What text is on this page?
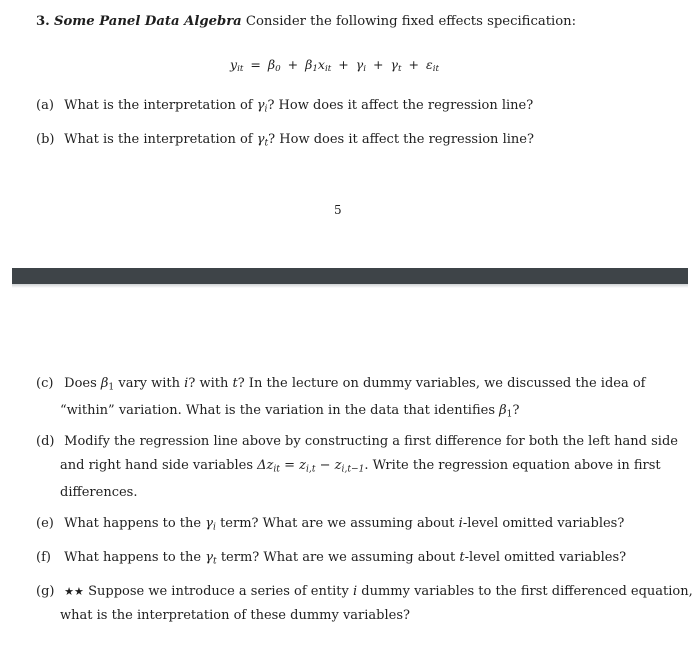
3. Some Panel Data Algebra Consider the following fixed effects specification:
$y_{it} = \beta_0 + \beta_1x_{it} + \gamma_i + \gamma_t + \varepsilon_{it}$
(a) What is the interpretation of $\gamma_i$? How does it affect the regression line?
(b) What is the interpretation of $\gamma_t$? How does it affect the regression line?
5
(c) Does $\beta_1$ vary with i? with t? In the lecture on dummy variables, we discussed the idea of
“within” variation. What is the variation in the data that identifies $\beta_1$?
(d) Modify the regression line above by constructing a first difference for both the left hand side
and right hand side variables $\Delta z_{it} = z_{i,t} - z_{i,t-1}$. Write the regression equation above in first
differences.
(e) What happens to the $\gamma_i$ term? What are we assuming about i-level omitted variables?
(f) What happens to the $\gamma_t$ term? What are we assuming about t-level omitted variables?
(g) ★★ Suppose we introduce a series of entity i dummy variables to the first differenced equation,
what is the interpretation of these dummy variables?
